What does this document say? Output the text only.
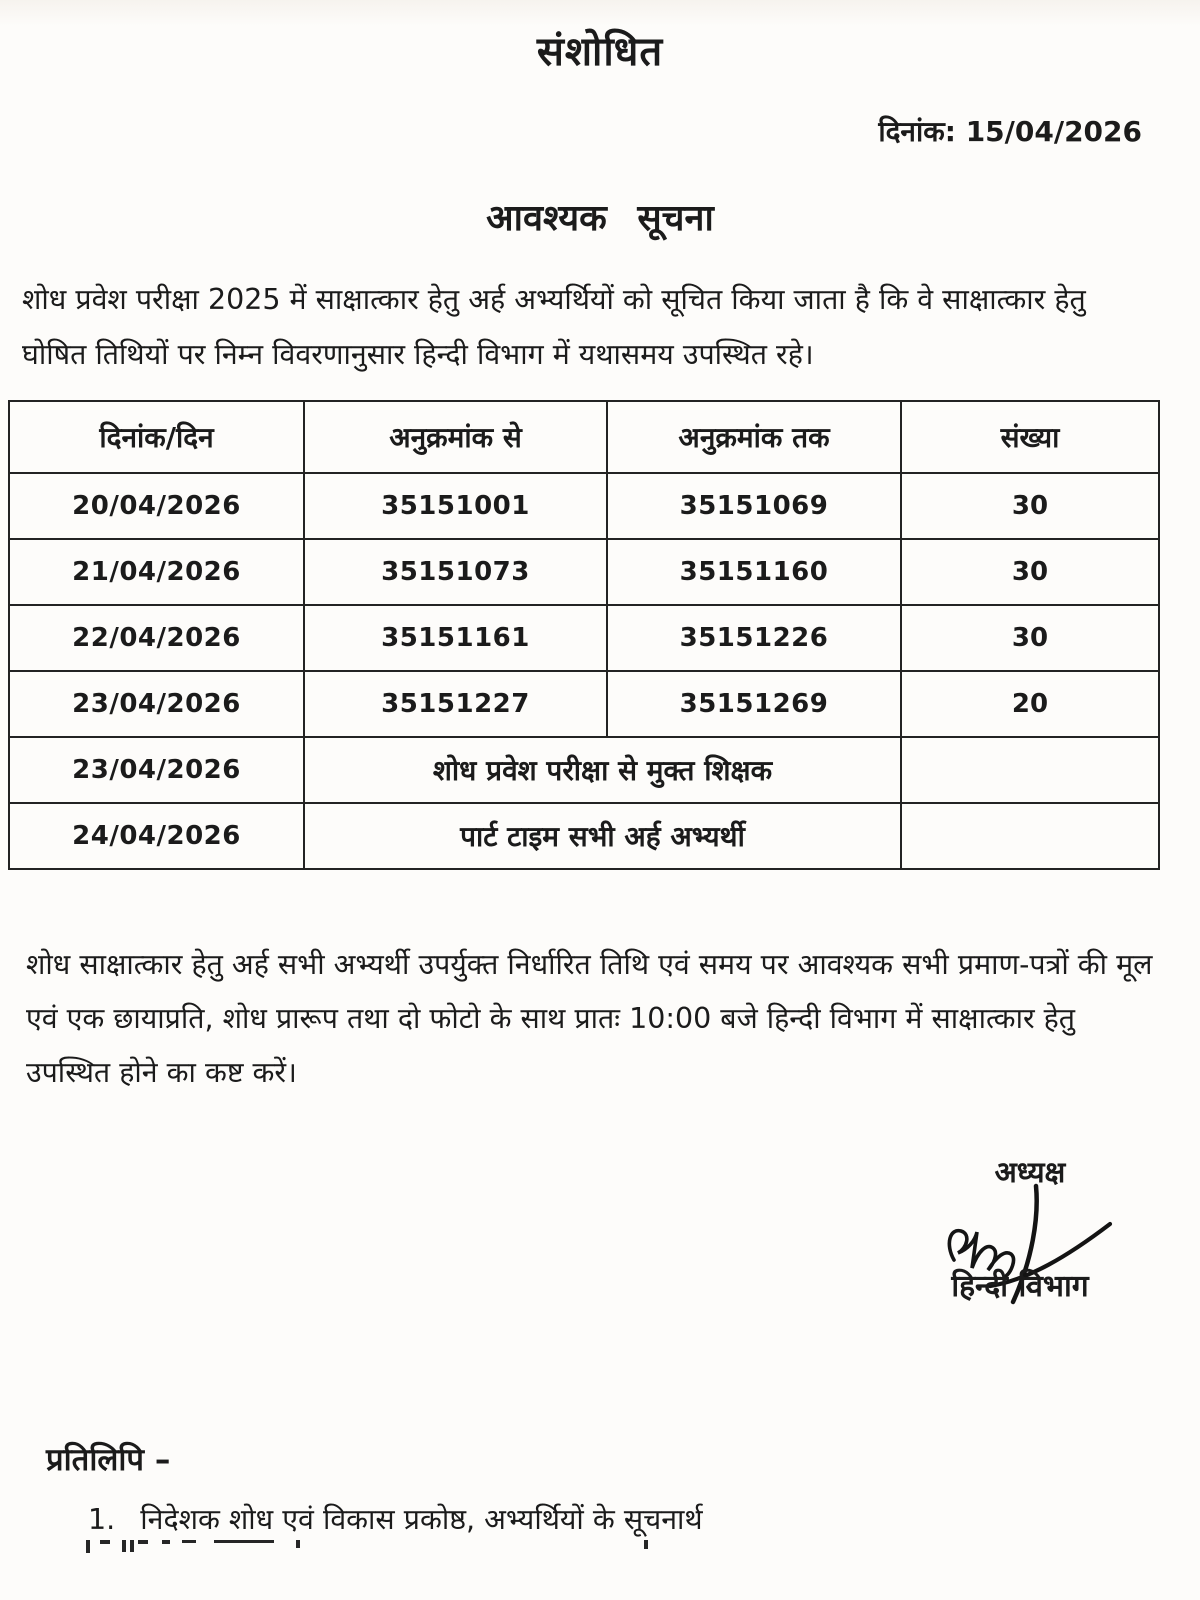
संशोधित
दिनांक: 15/04/2026
आवश्यक सूचना
शोध प्रवेश परीक्षा 2025 में साक्षात्कार हेतु अर्ह अभ्यर्थियों को सूचित किया जाता है कि वे साक्षात्कार हेतु घोषित तिथियों पर निम्न विवरणानुसार हिन्दी विभाग में यथासमय उपस्थित रहे।
दिनांक/दिन	अनुक्रमांक से	अनुक्रमांक तक	संख्या
20/04/2026	35151001	35151069	30
21/04/2026	35151073	35151160	30
22/04/2026	35151161	35151226	30
23/04/2026	35151227	35151269	20
23/04/2026	शोध प्रवेश परीक्षा से मुक्त शिक्षक		
24/04/2026	पार्ट टाइम सभी अर्ह अभ्यर्थी		
शोध साक्षात्कार हेतु अर्ह सभी अभ्यर्थी उपर्युक्त निर्धारित तिथि एवं समय पर आवश्यक सभी प्रमाण-पत्रों की मूल एवं एक छायाप्रति, शोध प्रारूप तथा दो फोटो के साथ प्रातः 10:00 बजे हिन्दी विभाग में साक्षात्कार हेतु उपस्थित होने का कष्ट करें।
अध्यक्ष
हिन्दी विभाग
प्रतिलिपि –
1. निदेशक शोध एवं विकास प्रकोष्ठ, अभ्यर्थियों के सूचनार्थ
